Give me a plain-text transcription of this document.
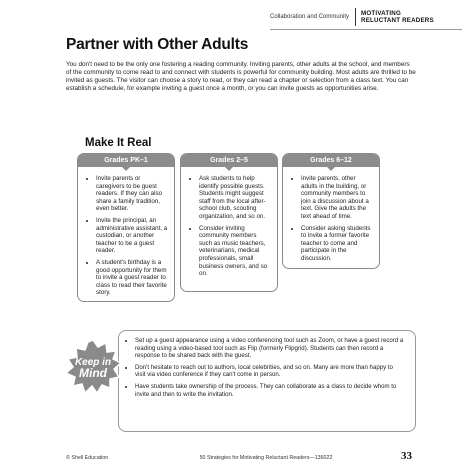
Collaboration and Community
MOTIVATING
RELUCTANT READERS
Partner with Other Adults
You don't need to be the only one fostering a reading community. Inviting parents, other adults at the school, and members of the community to come read to and connect with students is powerful for community building. Most adults are thrilled to be invited as guests. The visitor can choose a story to read, or they can read a chapter or selection from a class text. You can establish a schedule, for example inviting a guest once a month, or you can invite guests as opportunities arise.
Make It Real
Grades PK–1
• Invite parents or caregivers to be guest readers. If they can also share a family tradition, even better.
• Invite the principal, an administrative assistant, a custodian, or another teacher to be a guest reader.
• A student's birthday is a good opportunity for them to invite a guest reader to class to read their favorite story.
Grades 2–5
• Ask students to help identify possible guests. Students might suggest staff from the local after-school club, scouting organization, and so on.
• Consider inviting community members such as music teachers, veterinarians, medical professionals, small business owners, and so on.
Grades 6–12
• Invite parents, other adults in the building, or community members to join a discussion about a text. Give the adults the text ahead of time.
• Consider asking students to invite a former favorite teacher to come and participate in the discussion.
• Set up a guest appearance using a video conferencing tool such as Zoom, or have a guest record a reading using a video-based tool such as Flip (formerly Flipgrid). Students can then record a response to be shared back with the guest.
• Don't hesitate to reach out to authors, local celebrities, and so on. Many are more than happy to visit via video conference if they can't come in person.
• Have students take ownership of the process. They can collaborate as a class to decide whom to invite and then to write the invitation.
Keep in
Mind
© Shell Education	50 Strategies for Motivating Reluctant Readers—136022	33
